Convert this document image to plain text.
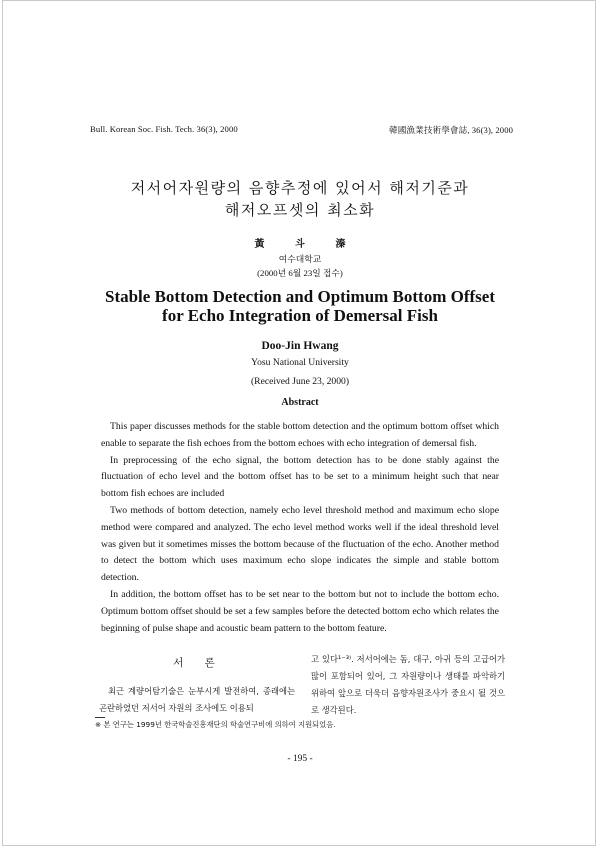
Bull. Korean Soc. Fish. Tech. 36(3), 2000	韓國漁業技術學會誌, 36(3), 2000
저서어자원량의 음향추정에 있어서 해저기준과
해저오프셋의 최소화
黃 斗 溱
여수대학교
(2000년 6월 23일 접수)
Stable Bottom Detection and Optimum Bottom Offset
for Echo Integration of Demersal Fish
Doo-Jin Hwang
Yosu National University
(Received June 23, 2000)
Abstract

This paper discusses methods for the stable bottom detection and the optimum bottom offset which enable to separate the fish echoes from the bottom echoes with echo integration of demersal fish.

In preprocessing of the echo signal, the bottom detection has to be done stably against the fluctuation of echo level and the bottom offset has to be set to a minimum height such that near bottom fish echoes are included

Two methods of bottom detection, namely echo level threshold method and maximum echo slope method were compared and analyzed. The echo level method works well if the ideal threshold level was given but it sometimes misses the bottom because of the fluctuation of the echo. Another method to detect the bottom which uses maximum echo slope indicates the simple and stable bottom detection.

In addition, the bottom offset has to be set near to the bottom but not to include the bottom echo. Optimum bottom offset should be set a few samples before the detected bottom echo which relates the beginning of pulse shape and acoustic beam pattern to the bottom feature.

서 론
최근 계량어탐기술은 눈부시게 발전하여, 종래에는 곤란하였던 저서어 자원의 조사에도 이용되
고 있다¹⁻³⁾. 저서어에는 돔, 대구, 아귀 등의 고급어가 많이 포함되어 있어, 그 자원량이나 생태를 파악하기 위하여 앞으로 더욱더 음향자원조사가 중요시 될 것으로 생각된다.
※ 본 연구는 1999년 한국학술진흥재단의 학술연구비에 의하여 지원되었음.
- 195 -
